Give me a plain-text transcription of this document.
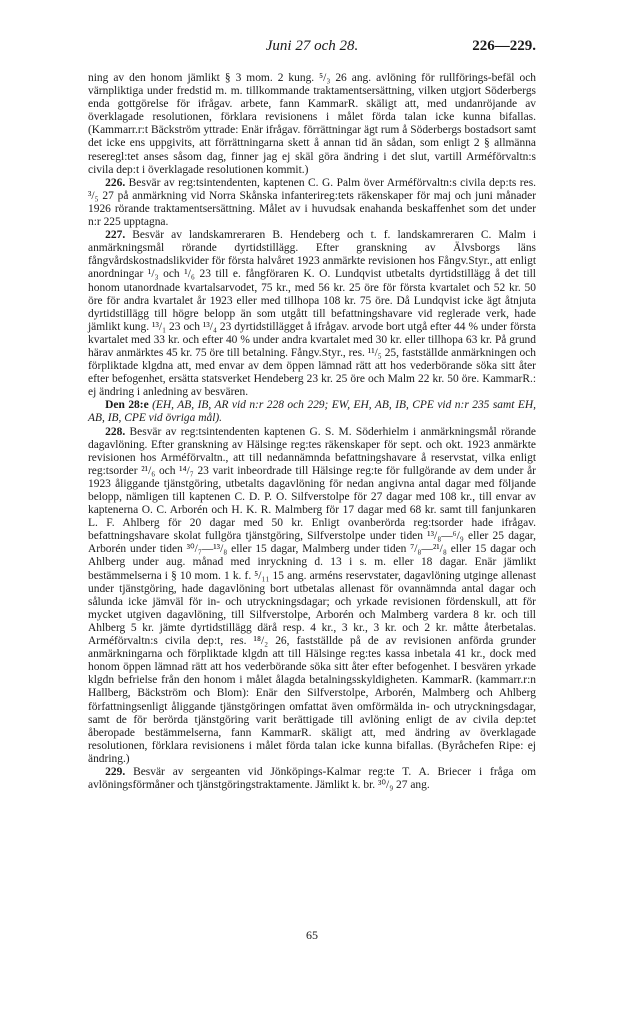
Juni 27 och 28.	226—229.

ning av den honom jämlikt § 3 mom. 2 kung. ⁵/₃ 26 ang. avlöning för rullförings-befäl och värnpliktiga under fredstid m. m. tillkommande traktamentsersättning, vilken utgjort Söderbergs enda gottgörelse för ifrågav. arbete, fann KammarR. skäligt att, med undanröjande av överklagade resolutionen, förklara revisionens i målet förda talan icke kunna bifallas. (Kammarr.r:t Bäckström yttrade: Enär ifrågav. förrättningar ägt rum å Söderbergs bostadsort samt det icke ens uppgivits, att förrättningarna skett å annan tid än sådan, som enligt 2 § allmänna reseregl:tet anses såsom dag, finner jag ej skäl göra ändring i det slut, vartill Arméförvaltn:s civila dep:t i överklagade resolutionen kommit.)

226. Besvär av reg:tsintendenten, kaptenen C. G. Palm över Arméförvaltn:s civila dep:ts res. ³/₅ 27 på anmärkning vid Norra Skånska infanterireg:tets räkenskaper för maj och juni månader 1926 rörande traktamentsersättning. Målet av i huvudsak enahanda beskaffenhet som det under n:r 225 upptagna.

227. Besvär av landskamreraren B. Hendeberg och t. f. landskamreraren C. Malm i anmärkningsmål rörande dyrtidstillägg. Efter granskning av Älvsborgs läns fångvårdskostnadslikvider för första halvåret 1923 anmärkte revisionen hos Fångv.Styr., att enligt anordningar ¹/₃ och ¹/₆ 23 till e. fångföraren K. O. Lundqvist utbetalts dyrtidstillägg å det till honom utanordnade kvartalsarvodet, 75 kr., med 56 kr. 25 öre för första kvartalet och 52 kr. 50 öre för andra kvartalet år 1923 eller med tillhopa 108 kr. 75 öre. Då Lundqvist icke ägt åtnjuta dyrtidstillägg till högre belopp än som utgått till befattningshavare vid reglerade verk, hade jämlikt kung. ¹³/₁ 23 och ¹³/₄ 23 dyrtidstillägget å ifrågav. arvode bort utgå efter 44 % under första kvartalet med 33 kr. och efter 40 % under andra kvartalet med 30 kr. eller tillhopa 63 kr. På grund härav anmärktes 45 kr. 75 öre till betalning. Fångv.Styr., res. ¹¹/₅ 25, fastställde anmärkningen och förpliktade klgdna att, med envar av dem öppen lämnad rätt att hos vederbörande söka sitt åter efter befogenhet, ersätta statsverket Hendeberg 23 kr. 25 öre och Malm 22 kr. 50 öre. KammarR.: ej ändring i anledning av besvären.

Den 28:e (EH, AB, IB, AR vid n:r 228 och 229; EW, EH, AB, IB, CPE vid n:r 235 samt EH, AB, IB, CPE vid övriga mål).

228. Besvär av reg:tsintendenten kaptenen G. S. M. Söderhielm i anmärkningsmål rörande dagavlöning. Efter granskning av Hälsinge reg:tes räkenskaper för sept. och okt. 1923 anmärkte revisionen hos Arméförvaltn., att till nedannämnda befattningshavare å reservstat, vilka enligt reg:tsorder ²¹/₆ och ¹⁴/₇ 23 varit inbeordrade till Hälsinge reg:te för fullgörande av dem under år 1923 åliggande tjänstgöring, utbetalts dagavlöning för nedan angivna antal dagar med följande belopp, nämligen till kaptenen C. D. P. O. Silfverstolpe för 27 dagar med 108 kr., till envar av kaptenerna O. C. Arborén och H. K. R. Malmberg för 17 dagar med 68 kr. samt till fanjunkaren L. F. Ahlberg för 20 dagar med 50 kr. Enligt ovanberörda reg:tsorder hade ifrågav. befattningshavare skolat fullgöra tjänstgöring, Silfverstolpe under tiden ¹³/₈—⁶/₉ eller 25 dagar, Arborén under tiden ³⁰/₇—¹³/₈ eller 15 dagar, Malmberg under tiden ⁷/₈—²¹/₈ eller 15 dagar och Ahlberg under aug. månad med inryckning d. 13 i s. m. eller 18 dagar. Enär jämlikt bestämmelserna i § 10 mom. 1 k. f. ⁵/₁₁ 15 ang. arméns reservstater, dagavlöning utginge allenast under tjänstgöring, hade dagavlöning bort utbetalas allenast för ovannämnda antal dagar och sålunda icke jämväl för in- och utryckningsdagar; och yrkade revisionen fördenskull, att för mycket utgiven dagavlöning, till Silfverstolpe, Arborén och Malmberg vardera 8 kr. och till Ahlberg 5 kr. jämte dyrtidstillägg därå resp. 4 kr., 3 kr., 3 kr. och 2 kr. måtte återbetalas. Arméförvaltn:s civila dep:t, res. ¹⁸/₂ 26, fastställde på de av revisionen anförda grunder anmärkningarna och förpliktade klgdn att till Hälsinge reg:tes kassa inbetala 41 kr., dock med honom öppen lämnad rätt att hos vederbörande söka sitt åter efter befogenhet. I besvären yrkade klgdn befrielse från den honom i målet ålagda betalningsskyldigheten. KammarR. (kammarr.r:n Hallberg, Bäckström och Blom): Enär den Silfverstolpe, Arborén, Malmberg och Ahlberg författningsenligt åliggande tjänstgöringen omfattat även omförmälda in- och utryckningsdagar, samt de för berörda tjänstgöring varit berättigade till avlöning enligt de av civila dep:tet åberopade bestämmelserna, fann KammarR. skäligt att, med ändring av överklagade resolutionen, förklara revisionens i målet förda talan icke kunna bifallas. (Byråchefen Ripe: ej ändring.)

229. Besvär av sergeanten vid Jönköpings-Kalmar reg:te T. A. Briecer i fråga om avlöningsförmåner och tjänstgöringstraktamente. Jämlikt k. br. ³⁰/₉ 27 ang.

65
